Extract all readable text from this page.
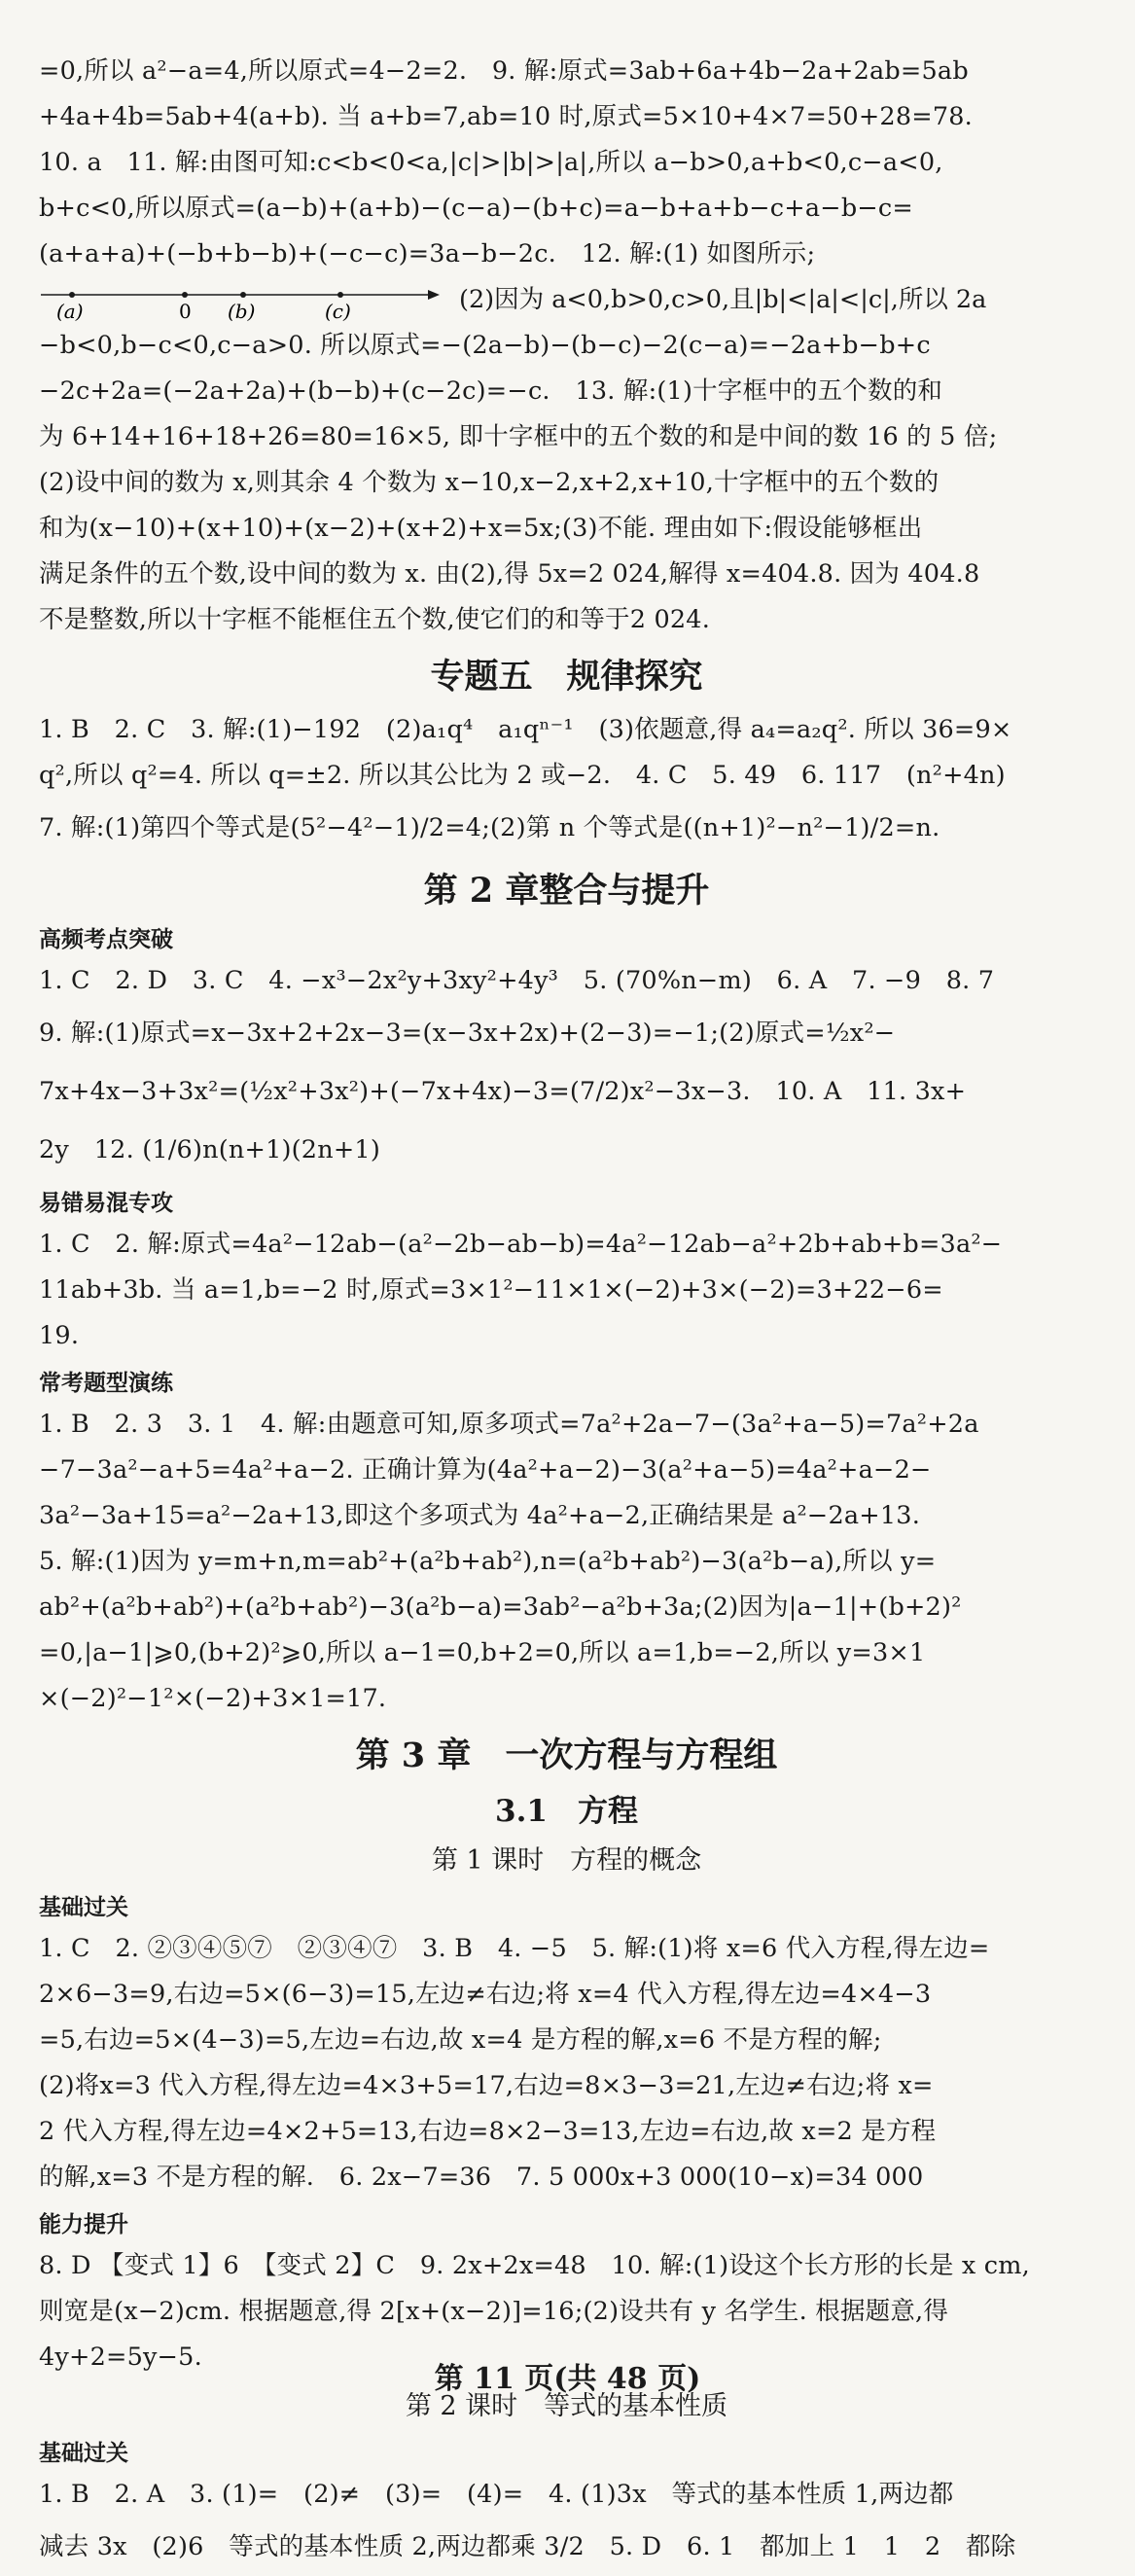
=0,所以 a²−a=4,所以原式=4−2=2.　9. 解:原式=3ab+6a+4b−2a+2ab=5ab

+4a+4b=5ab+4(a+b). 当 a+b=7,ab=10 时,原式=5×10+4×7=50+28=78.

10. a　11. 解:由图可知:c<b<0<a,|c|>|b|>|a|,所以 a−b>0,a+b<0,c−a<0,

b+c<0,所以原式=(a−b)+(a+b)−(c−a)−(b+c)=a−b+a+b−c+a−b−c=

(a+a+a)+(−b+b−b)+(−c−c)=3a−b−2c.　12. 解:(1) 如图所示;

(a)	0 (b)	(c)	(2)因为 a<0,b>0,c>0,且|b|<|a|<|c|,所以 2a

−b<0,b−c<0,c−a>0. 所以原式=−(2a−b)−(b−c)−2(c−a)=−2a+b−b+c

−2c+2a=(−2a+2a)+(b−b)+(c−2c)=−c.　13. 解:(1)十字框中的五个数的和

为 6+14+16+18+26=80=16×5, 即十字框中的五个数的和是中间的数 16 的 5 倍;

(2)设中间的数为 x,则其余 4 个数为 x−10,x−2,x+2,x+10,十字框中的五个数的

和为(x−10)+(x+10)+(x−2)+(x+2)+x=5x;(3)不能. 理由如下:假设能够框出

满足条件的五个数,设中间的数为 x. 由(2),得 5x=2 024,解得 x=404.8. 因为 404.8

不是整数,所以十字框不能框住五个数,使它们的和等于2 024.

专题五　规律探究

1. B　2. C　3. 解:(1)−192　(2)a₁q⁴　a₁qⁿ⁻¹　(3)依题意,得 a₄=a₂q². 所以 36=9×

q²,所以 q²=4. 所以 q=±2. 所以其公比为 2 或−2.　4. C　5. 49　6. 117　(n²+4n)

7. 解:(1)第四个等式是(5²−4²−1)/2=4;(2)第 n 个等式是((n+1)²−n²−1)/2=n.

第 2 章整合与提升
高频考点突破

1. C　2. D　3. C　4. −x³−2x²y+3xy²+4y³　5. (70%n−m)　6. A　7. −9　8. 7

9. 解:(1)原式=x−3x+2+2x−3=(x−3x+2x)+(2−3)=−1;(2)原式=½x²−

7x+4x−3+3x²=(½x²+3x²)+(−7x+4x)−3=(7/2)x²−3x−3.　10. A　11. 3x+

2y　12. (1/6)n(n+1)(2n+1)

易错易混专攻

1. C　2. 解:原式=4a²−12ab−(a²−2b−ab−b)=4a²−12ab−a²+2b+ab+b=3a²−

11ab+3b. 当 a=1,b=−2 时,原式=3×1²−11×1×(−2)+3×(−2)=3+22−6=

19.

常考题型演练

1. B　2. 3　3. 1　4. 解:由题意可知,原多项式=7a²+2a−7−(3a²+a−5)=7a²+2a

−7−3a²−a+5=4a²+a−2. 正确计算为(4a²+a−2)−3(a²+a−5)=4a²+a−2−

3a²−3a+15=a²−2a+13,即这个多项式为 4a²+a−2,正确结果是 a²−2a+13.

5. 解:(1)因为 y=m+n,m=ab²+(a²b+ab²),n=(a²b+ab²)−3(a²b−a),所以 y=

ab²+(a²b+ab²)+(a²b+ab²)−3(a²b−a)=3ab²−a²b+3a;(2)因为|a−1|+(b+2)²

=0,|a−1|⩾0,(b+2)²⩾0,所以 a−1=0,b+2=0,所以 a=1,b=−2,所以 y=3×1

×(−2)²−1²×(−2)+3×1=17.

第 3 章　一次方程与方程组
3.1　方程
第 1 课时　方程的概念
基础过关

1. C　2. ②③④⑤⑦　②③④⑦　3. B　4. −5　5. 解:(1)将 x=6 代入方程,得左边=

2×6−3=9,右边=5×(6−3)=15,左边≠右边;将 x=4 代入方程,得左边=4×4−3

=5,右边=5×(4−3)=5,左边=右边,故 x=4 是方程的解,x=6 不是方程的解;

(2)将x=3 代入方程,得左边=4×3+5=17,右边=8×3−3=21,左边≠右边;将 x=

2 代入方程,得左边=4×2+5=13,右边=8×2−3=13,左边=右边,故 x=2 是方程

的解,x=3 不是方程的解.　6. 2x−7=36　7. 5 000x+3 000(10−x)=34 000

能力提升

8. D 【变式 1】6　【变式 2】C　9. 2x+2x=48　10. 解:(1)设这个长方形的长是 x cm,

则宽是(x−2)cm. 根据题意,得 2[x+(x−2)]=16;(2)设共有 y 名学生. 根据题意,得

4y+2=5y−5.

第 2 课时　等式的基本性质
基础过关

1. B　2. A　3. (1)=　(2)≠　(3)=　(4)=　4. (1)3x　等式的基本性质 1,两边都

减去 3x　(2)6　等式的基本性质 2,两边都乘 3/2　5. D　6. 1　都加上 1　1　2　都除

第 11 页(共 48 页)
